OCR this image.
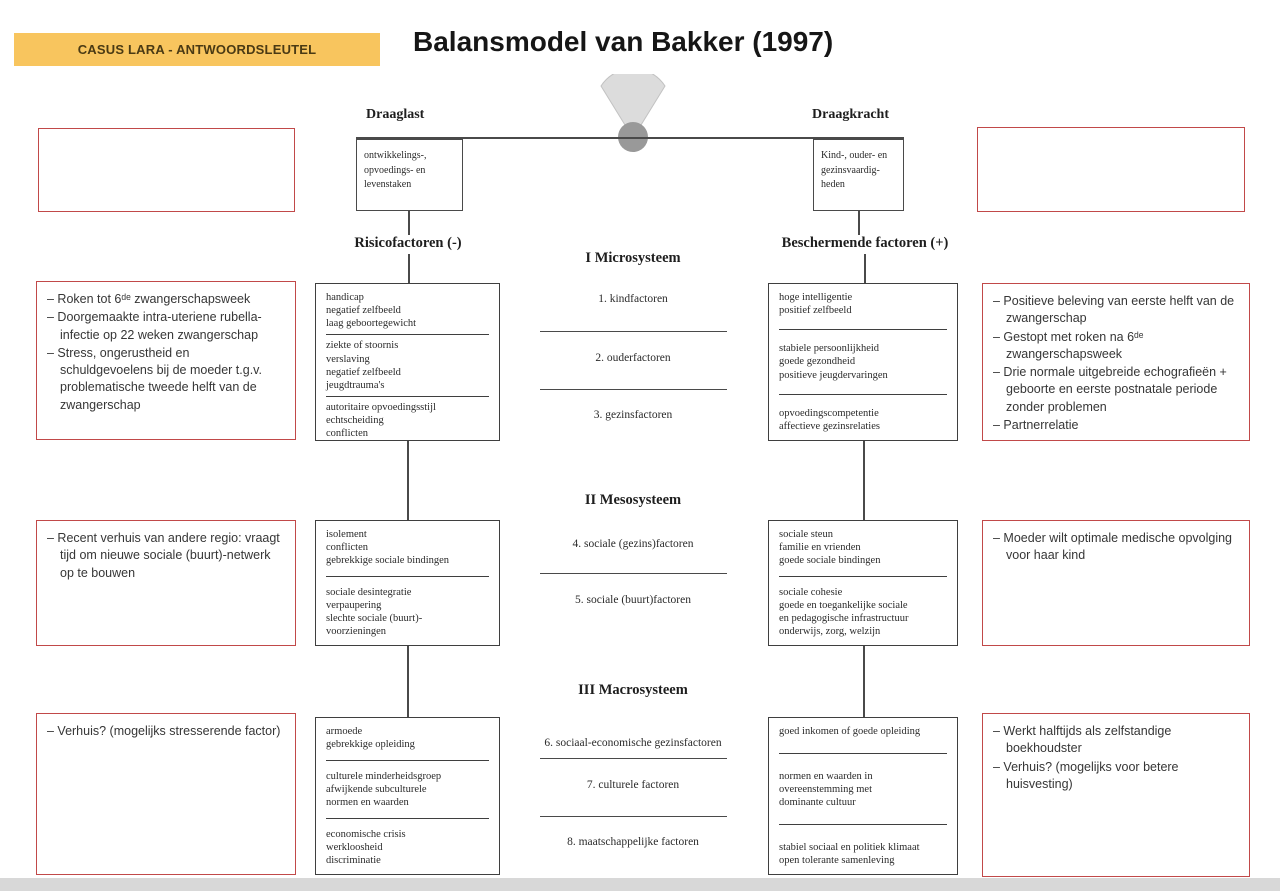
CASUS LARA - ANTWOORDSLEUTEL	Balansmodel van Bakker (1997)
Draaglast	Draagkracht
ontwikkelings-,
opvoedings- en
levenstaken
Kind-, ouder- en
gezinsvaardig-
heden
Risicofactoren (-)	Beschermende factoren (+)
handicap
negatief zelfbeeld
laag geboortegewicht
ziekte of stoornis
verslaving
negatief zelfbeeld
jeugdtrauma's
autoritaire opvoedingsstijl
echtscheiding
conflicten
isolement
conflicten
gebrekkige sociale bindingen
sociale desintegratie
verpaupering
slechte sociale (buurt)-
voorzieningen
armoede
gebrekkige opleiding
culturele minderheidsgroep
afwijkende subculturele
normen en waarden
economische crisis
werkloosheid
discriminatie
hoge intelligentie
positief zelfbeeld
stabiele persoonlijkheid
goede gezondheid
positieve jeugdervaringen
opvoedingscompetentie
affectieve gezinsrelaties
sociale steun
familie en vrienden
goede sociale bindingen
sociale cohesie
goede en toegankelijke sociale
en pedagogische infrastructuur
onderwijs, zorg, welzijn
goed inkomen of goede opleiding
normen en waarden in
overeenstemming met
dominante cultuur
stabiel sociaal en politiek klimaat
open tolerante samenleving
I Microsysteem
1. kindfactoren
2. ouderfactoren
3. gezinsfactoren
II Mesosysteem
4. sociale (gezins)factoren
5. sociale (buurt)factoren
III Macrosysteem
6. sociaal-economische gezinsfactoren
7. culturele factoren
8. maatschappelijke factoren
– Roken tot 6ᵈᵉ zwangerschapsweek
– Doorgemaakte intra-uteriene rubella-infectie op 22 weken zwangerschap
– Stress, ongerustheid en schuldgevoelens bij de moeder t.g.v. problematische tweede helft van de zwangerschap
– Recent verhuis van andere regio: vraagt tijd om nieuwe sociale (buurt)-netwerk op te bouwen
– Verhuis? (mogelijks stresserende factor)
– Positieve beleving van eerste helft van de zwangerschap
– Gestopt met roken na 6ᵈᵉ zwangerschapsweek
– Drie normale uitgebreide echografieën + geboorte en eerste postnatale periode zonder problemen
– Partnerrelatie
– Moeder wilt optimale medische opvolging voor haar kind
– Werkt halftijds als zelfstandige boekhoudster
– Verhuis? (mogelijks voor betere huisvesting)
